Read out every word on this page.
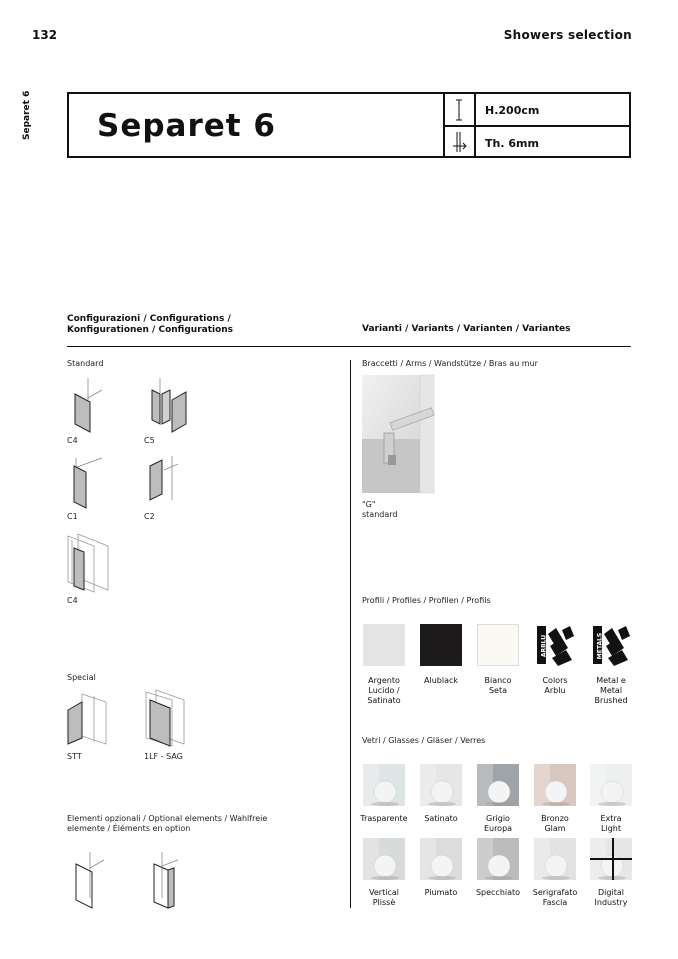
132	Showers selection
Separet 6 Separet 6	H.200cm
Th. 6mm
Configurazioni / Configurations /
Konfigurationen / Configurations	Varianti / Variants / Varianten / Variantes
Standard
C4	C5
C1	C2
C4
Special
STT	1LF - SAG
Elementi opzionali / Optional elements / Wahlfreie
elemente / Éléments en option
Braccetti / Arms / Wandstütze / Bras au mur
"G"
standard
Profili / Profiles / Profilen / Profils
Argento
Lucido /
Satinato
Alublack	Bianco
Seta
ARBLU
Colors
Arblu
METALS
Metal e
Metal
Brushed
Vetri / Glasses / Gläser / Verres
Trasparente	Satinato	Grigio
Europa
Bronzo
Glam
Extra
Light
Vertical
Plissè
Piumato	Specchiato	Serigrafato
Fascia
Digital
Industry
